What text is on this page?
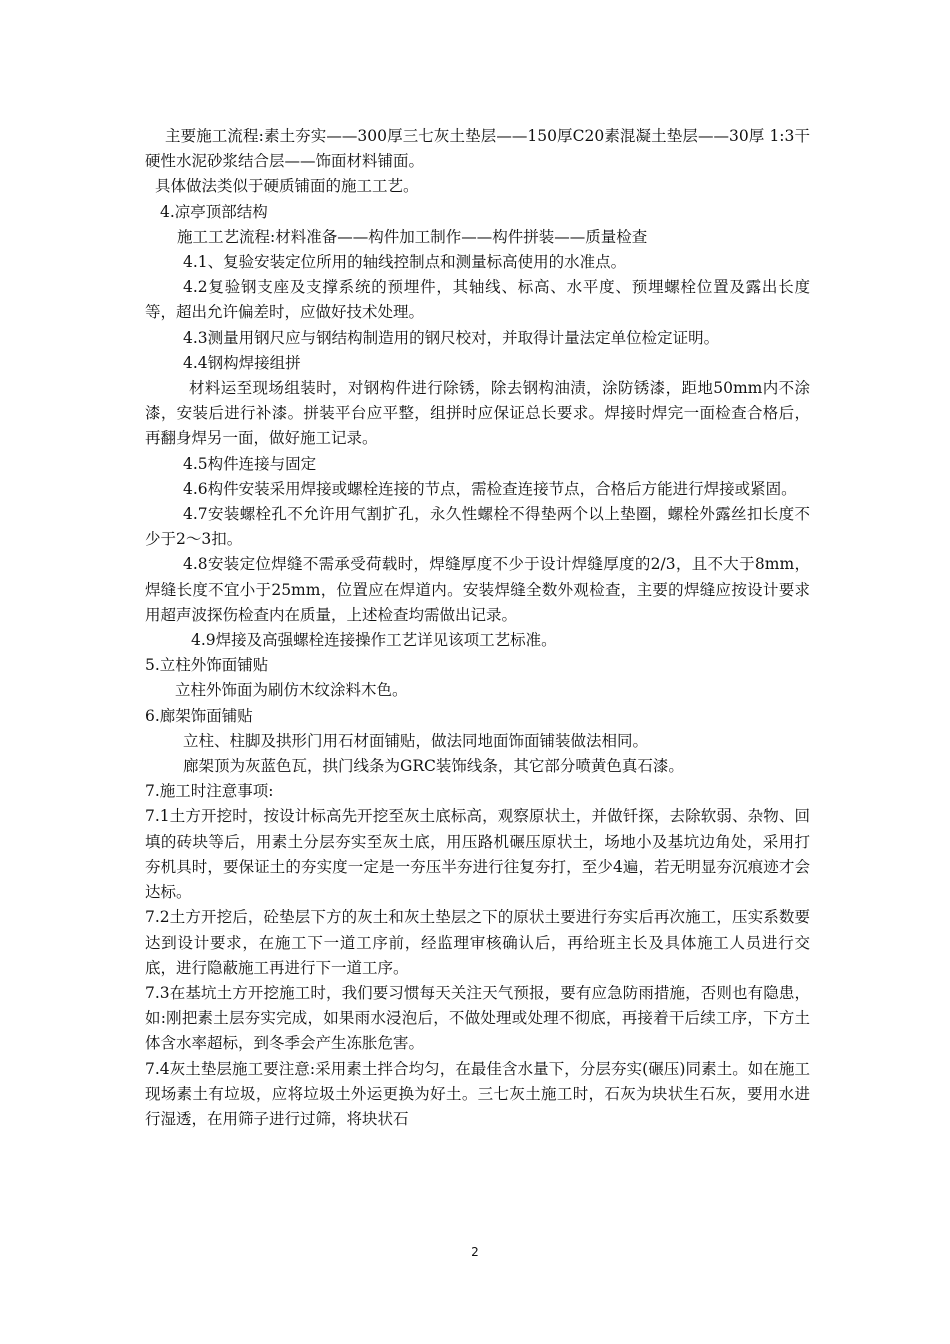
主要施工流程:素土夯实——300厚三七灰土垫层——150厚C20素混凝土垫层——30厚 1:3干硬性水泥砂浆结合层——饰面材料铺面。

具体做法类似于硬质铺面的施工工艺。

4.凉亭顶部结构

施工工艺流程:材料准备——构件加工制作——构件拼装——质量检查

4.1、复验安装定位所用的轴线控制点和测量标高使用的水准点。

4.2复验钢支座及支撑系统的预埋件，其轴线、标高、水平度、预埋螺栓位置及露出长度等，超出允许偏差时，应做好技术处理。

4.3测量用钢尺应与钢结构制造用的钢尺校对，并取得计量法定单位检定证明。

4.4钢构焊接组拼

材料运至现场组装时，对钢构件进行除锈，除去钢构油渍，涂防锈漆，距地50mm内不涂漆，安装后进行补漆。拼装平台应平整，组拼时应保证总长要求。焊接时焊完一面检查合格后，再翻身焊另一面，做好施工记录。

4.5构件连接与固定

4.6构件安装采用焊接或螺栓连接的节点，需检查连接节点，合格后方能进行焊接或紧固。

4.7安装螺栓孔不允许用气割扩孔，永久性螺栓不得垫两个以上垫圈，螺栓外露丝扣长度不少于2～3扣。

4.8安装定位焊缝不需承受荷载时，焊缝厚度不少于设计焊缝厚度的2/3，且不大于8mm，焊缝长度不宜小于25mm，位置应在焊道内。安装焊缝全数外观检查，主要的焊缝应按设计要求用超声波探伤检查内在质量，上述检查均需做出记录。

4.9焊接及高强螺栓连接操作工艺详见该项工艺标准。

5.立柱外饰面铺贴

立柱外饰面为刷仿木纹涂料木色。

6.廊架饰面铺贴

立柱、柱脚及拱形门用石材面铺贴，做法同地面饰面铺装做法相同。

廊架顶为灰蓝色瓦，拱门线条为GRC装饰线条，其它部分喷黄色真石漆。

7.施工时注意事项:

7.1土方开挖时，按设计标高先开挖至灰土底标高，观察原状土，并做钎探，去除软弱、杂物、回填的砖块等后，用素土分层夯实至灰土底，用压路机碾压原状土，场地小及基坑边角处，采用打夯机具时，要保证土的夯实度一定是一夯压半夯进行往复夯打，至少4遍，若无明显夯沉痕迹才会达标。

7.2土方开挖后，砼垫层下方的灰土和灰土垫层之下的原状土要进行夯实后再次施工，压实系数要达到设计要求，在施工下一道工序前，经监理审核确认后，再给班主长及具体施工人员进行交底，进行隐蔽施工再进行下一道工序。

7.3在基坑土方开挖施工时，我们要习惯每天关注天气预报，要有应急防雨措施，否则也有隐患，如:刚把素土层夯实完成，如果雨水浸泡后，不做处理或处理不彻底，再接着干后续工序，下方土体含水率超标，到冬季会产生冻胀危害。

7.4灰土垫层施工要注意:采用素土拌合均匀，在最佳含水量下，分层夯实(碾压)同素土。如在施工现场素土有垃圾，应将垃圾土外运更换为好土。三七灰土施工时，石灰为块状生石灰，要用水进行湿透，在用筛子进行过筛，将块状石

2
